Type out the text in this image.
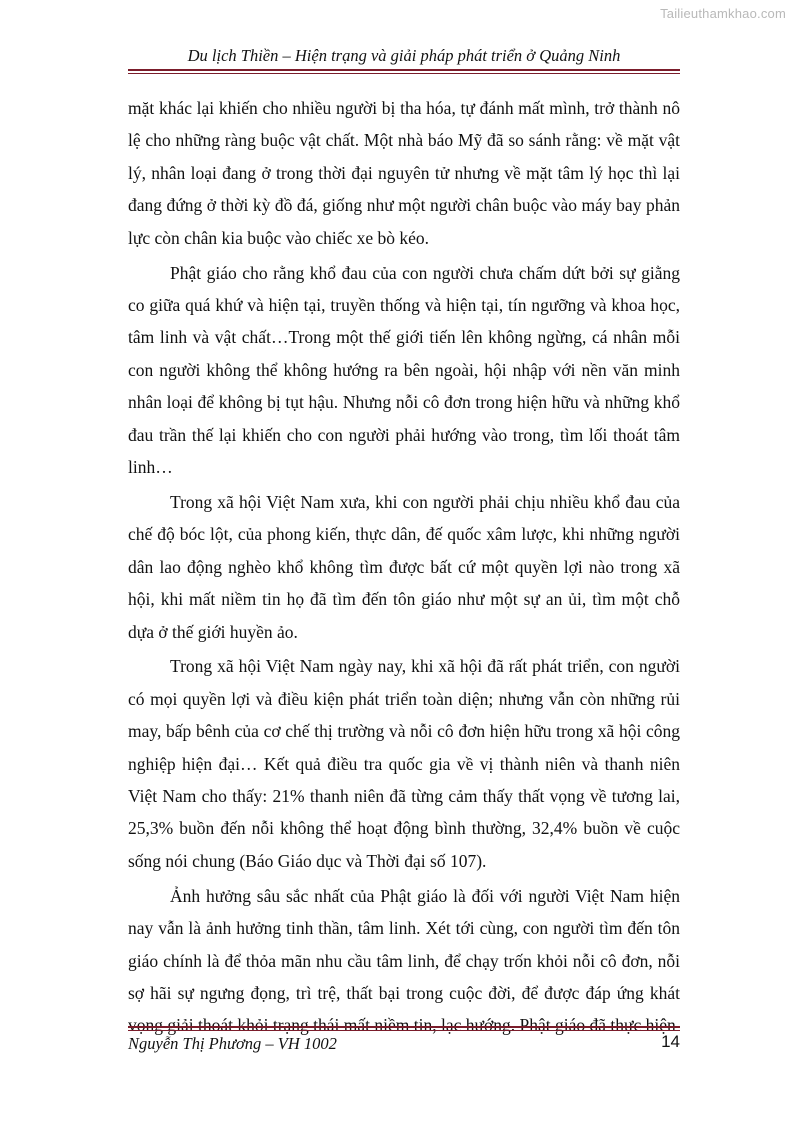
Tailieuthamkhao.com
Du lịch Thiền – Hiện trạng và giải pháp phát triển ở Quảng Ninh

mặt khác lại khiến cho nhiều người bị tha hóa, tự đánh mất mình, trở thành nô lệ cho những ràng buộc vật chất. Một nhà báo Mỹ đã so sánh rằng: về mặt vật lý, nhân loại đang ở trong thời đại nguyên tử nhưng về mặt tâm lý học thì lại đang đứng ở thời kỳ đồ đá, giống như một người chân buộc vào máy bay phản lực còn chân kia buộc vào chiếc xe bò kéo.

Phật giáo cho rằng khổ đau của con người chưa chấm dứt bởi sự giằng co giữa quá khứ và hiện tại, truyền thống và hiện tại, tín ngưỡng và khoa học, tâm linh và vật chất…Trong một thế giới tiến lên không ngừng, cá nhân mỗi con người không thể không hướng ra bên ngoài, hội nhập với nền văn minh nhân loại để không bị tụt hậu. Nhưng nỗi cô đơn trong hiện hữu và những khổ đau trần thế lại khiến cho con người phải hướng vào trong, tìm lối thoát tâm linh…

Trong xã hội Việt Nam xưa, khi con người phải chịu nhiều khổ đau của chế độ bóc lột, của phong kiến, thực dân, đế quốc xâm lược, khi những người dân lao động nghèo khổ không tìm được bất cứ một quyền lợi nào trong xã hội, khi mất niềm tin họ đã tìm đến tôn giáo như một sự an ủi, tìm một chỗ dựa ở thế giới huyền ảo.

Trong xã hội Việt Nam ngày nay, khi xã hội đã rất phát triển, con người có mọi quyền lợi và điều kiện phát triển toàn diện; nhưng vẫn còn những rủi may, bấp bênh của cơ chế thị trường và nỗi cô đơn hiện hữu trong xã hội công nghiệp hiện đại… Kết quả điều tra quốc gia về vị thành niên và thanh niên Việt Nam cho thấy: 21% thanh niên đã từng cảm thấy thất vọng về tương lai, 25,3% buồn đến nỗi không thể hoạt động bình thường, 32,4% buồn về cuộc sống nói chung (Báo Giáo dục và Thời đại số 107).

Ảnh hưởng sâu sắc nhất của Phật giáo là đối với người Việt Nam hiện nay vẫn là ảnh hưởng tinh thần, tâm linh. Xét tới cùng, con người tìm đến tôn giáo chính là để thỏa mãn nhu cầu tâm linh, để chạy trốn khỏi nỗi cô đơn, nỗi sợ hãi sự ngưng đọng, trì trệ, thất bại trong cuộc đời, để được đáp ứng khát vọng giải thoát khỏi trạng thái mất niềm tin, lạc hướng. Phật giáo đã thực hiện

Nguyễn Thị Phương – VH 1002	14
